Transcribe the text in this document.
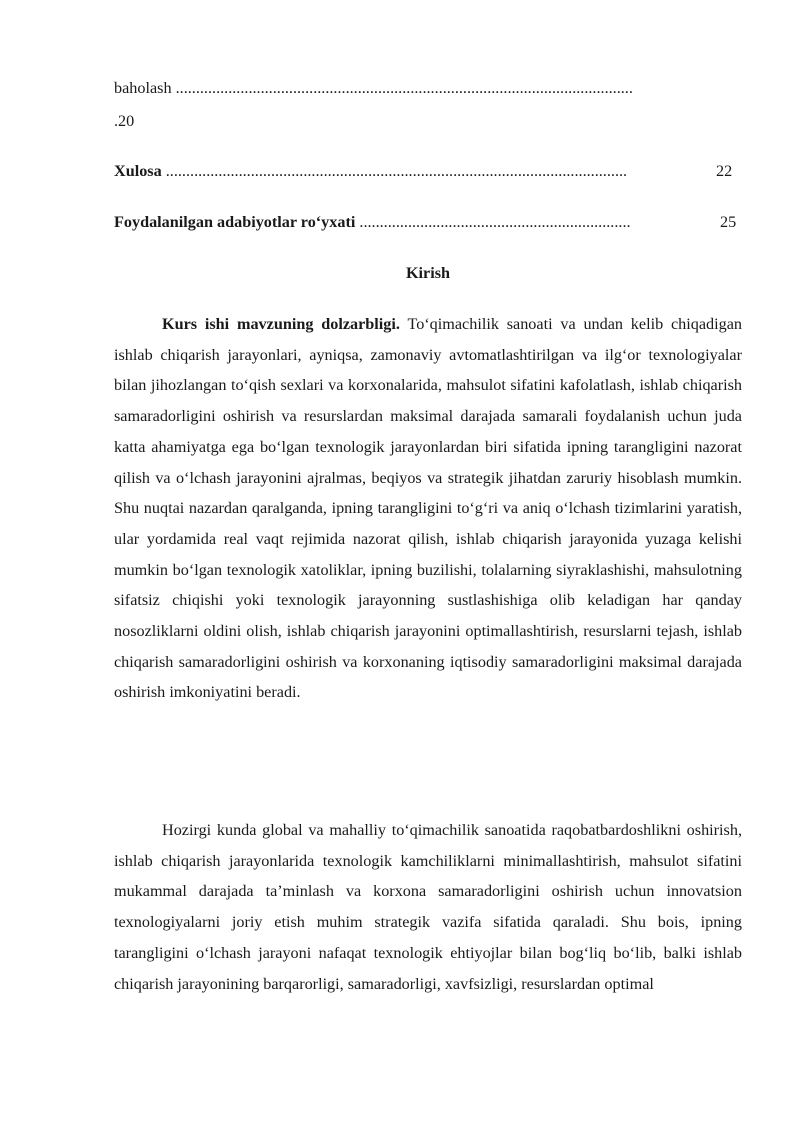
baholash .................................................................................................................
.20
Xulosa ..................................................................................................................	22
Foydalanilgan adabiyotlar ro‘yxati ...................................................................	25
Kirish

Kurs ishi mavzuning dolzarbligi. To‘qimachilik sanoati va undan kelib chiqadigan ishlab chiqarish jarayonlari, ayniqsa, zamonaviy avtomatlashtirilgan va ilg‘or texnologiyalar bilan jihozlangan to‘qish sexlari va korxonalarida, mahsulot sifatini kafolatlash, ishlab chiqarish samaradorligini oshirish va resurslardan maksimal darajada samarali foydalanish uchun juda katta ahamiyatga ega bo‘lgan texnologik jarayonlardan biri sifatida ipning tarangligini nazorat qilish va o‘lchash jarayonini ajralmas, beqiyos va strategik jihatdan zaruriy hisoblash mumkin. Shu nuqtai nazardan qaralganda, ipning tarangligini to‘g‘ri va aniq o‘lchash tizimlarini yaratish, ular yordamida real vaqt rejimida nazorat qilish, ishlab chiqarish jarayonida yuzaga kelishi mumkin bo‘lgan texnologik xatoliklar, ipning buzilishi, tolalarning siyraklashishi, mahsulotning sifatsiz chiqishi yoki texnologik jarayonning sustlashishiga olib keladigan har qanday nosozliklarni oldini olish, ishlab chiqarish jarayonini optimallashtirish, resurslarni tejash, ishlab chiqarish samaradorligini oshirish va korxonaning iqtisodiy samaradorligini maksimal darajada oshirish imkoniyatini beradi.

Hozirgi kunda global va mahalliy to‘qimachilik sanoatida raqobatbardoshlikni oshirish, ishlab chiqarish jarayonlarida texnologik kamchiliklarni minimallashtirish, mahsulot sifatini mukammal darajada ta’minlash va korxona samaradorligini oshirish uchun innovatsion texnologiyalarni joriy etish muhim strategik vazifa sifatida qaraladi. Shu bois, ipning tarangligini o‘lchash jarayoni nafaqat texnologik ehtiyojlar bilan bog‘liq bo‘lib, balki ishlab chiqarish jarayonining barqarorligi, samaradorligi, xavfsizligi, resurslardan optimal
